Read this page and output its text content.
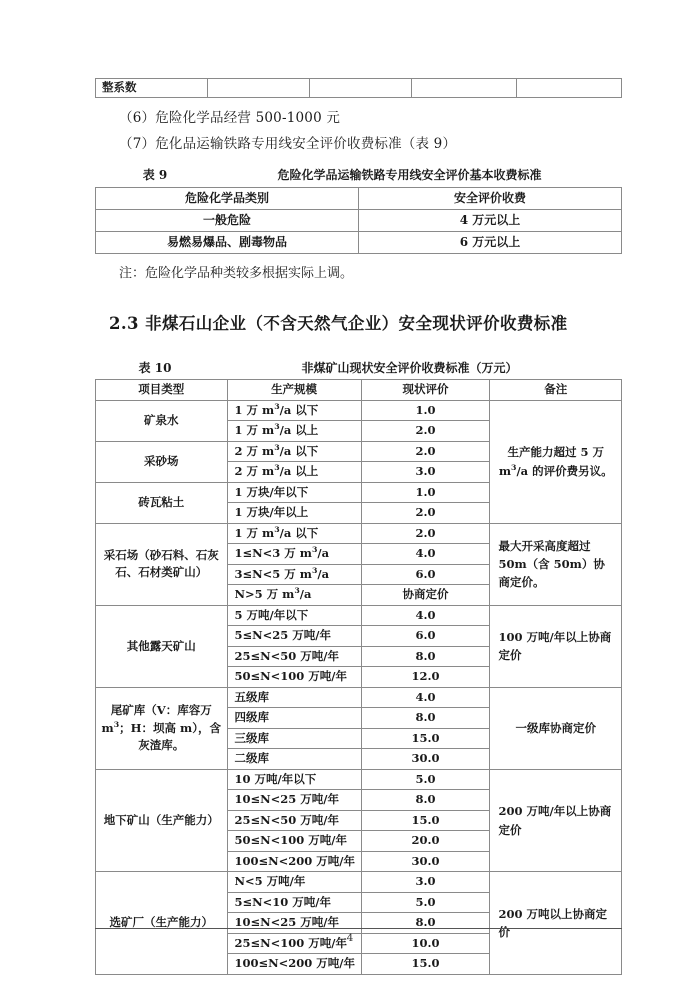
整系数				

（6）危险化学品经营 500-1000 元

（7）危化品运输铁路专用线安全评价收费标准（表 9）

表 9	危险化学品运输铁路专用线安全评价基本收费标准
危险化学品类别	安全评价收费
一般危险	4 万元以上
易燃易爆品、剧毒物品	6 万元以上

注：危险化学品种类较多根据实际上调。

2.3 非煤石山企业（不含天然气企业）安全现状评价收费标准
表 10	非煤矿山现状安全评价收费标准（万元）
项目类型	生产规模	现状评价	备注
矿泉水	1 万 $m^3/a$ 以下	1.0	生产能力超过 5 万 $m^3/a$ 的评价费另议。
	1 万 $m^3/a$ 以上	2.0	
采砂场	2 万 $m^3/a$ 以下	2.0	
	2 万 $m^3/a$ 以上	3.0	
砖瓦粘土	1 万块/年以下	1.0	
	1 万块/年以上	2.0	
采石场（砂石料、石灰石、石材类矿山）	1 万 $m^3/a$ 以下	2.0	最大开采高度超过 50m（含 50m）协商定价。
	1≤N<3 万 $m^3/a$	4.0	
	3≤N<5 万 $m^3/a$	6.0	
	N>5 万 $m^3/a$	协商定价	
其他露天矿山	5 万吨/年以下	4.0	100 万吨/年以上协商定价
	5≤N<25 万吨/年	6.0	
	25≤N<50 万吨/年	8.0	
	50≤N<100 万吨/年	12.0	
尾矿库（V：库容万 $m^3$；H：坝高 m），含灰渣库。	五级库	4.0	一级库协商定价
	四级库	8.0	
	三级库	15.0	
	二级库	30.0	
地下矿山（生产能力）	10 万吨/年以下	5.0	200 万吨/年以上协商定价
	10≤N<25 万吨/年	8.0	
	25≤N<50 万吨/年	15.0	
	50≤N<100 万吨/年	20.0	
	100≤N<200 万吨/年	30.0	
选矿厂（生产能力）	N<5 万吨/年	3.0	200 万吨以上协商定价
	5≤N<10 万吨/年	5.0	
	10≤N<25 万吨/年	8.0	
	25≤N<100 万吨/年	10.0	
	100≤N<200 万吨/年	15.0	
4
